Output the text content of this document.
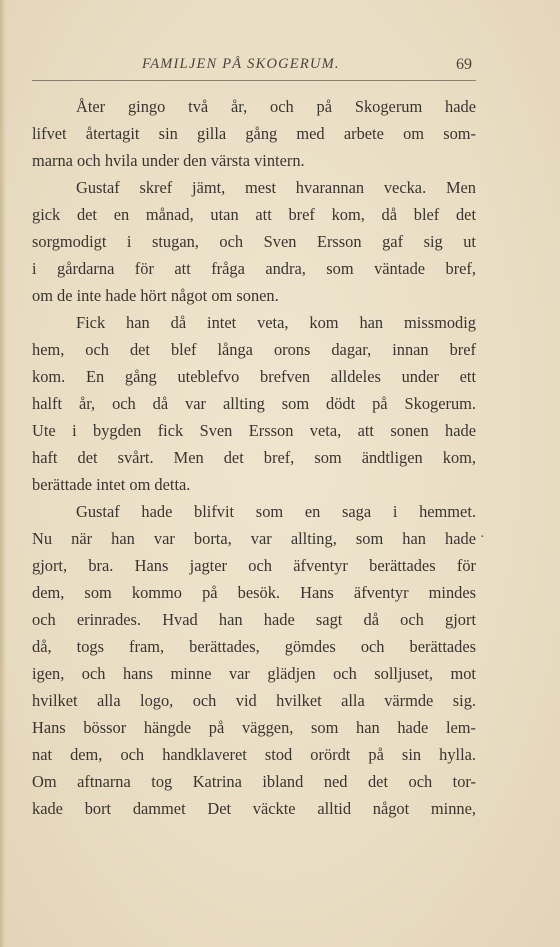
FAMILJEN PÅ SKOGERUM.	69
Åter gingo två år, och på Skogerum hade
lifvet återtagit sin gilla gång med arbete om som-
marna och hvila under den värsta vintern.
Gustaf skref jämt, mest hvarannan vecka. Men
gick det en månad, utan att bref kom, då blef det
sorgmodigt i stugan, och Sven Ersson gaf sig ut
i gårdarna för att fråga andra, som väntade bref,
om de inte hade hört något om sonen.
Fick han då intet veta, kom han missmodig
hem, och det blef långa orons dagar, innan bref
kom. En gång uteblefvo brefven alldeles under ett
halft år, och då var allting som dödt på Skogerum.
Ute i bygden fick Sven Ersson veta, att sonen hade
haft det svårt. Men det bref, som ändtligen kom,
berättade intet om detta.
Gustaf hade blifvit som en saga i hemmet.
Nu när han var borta, var allting, som han hade
gjort, bra. Hans jagter och äfventyr berättades för
dem, som kommo på besök. Hans äfventyr mindes
och erinrades. Hvad han hade sagt då och gjort
då, togs fram, berättades, gömdes och berättades
igen, och hans minne var glädjen och solljuset, mot
hvilket alla logo, och vid hvilket alla värmde sig.
Hans bössor hängde på väggen, som han hade lem-
nat dem, och handklaveret stod orördt på sin hylla.
Om aftnarna tog Katrina ibland ned det och tor-
kade bort dammet Det väckte alltid något minne,
·
